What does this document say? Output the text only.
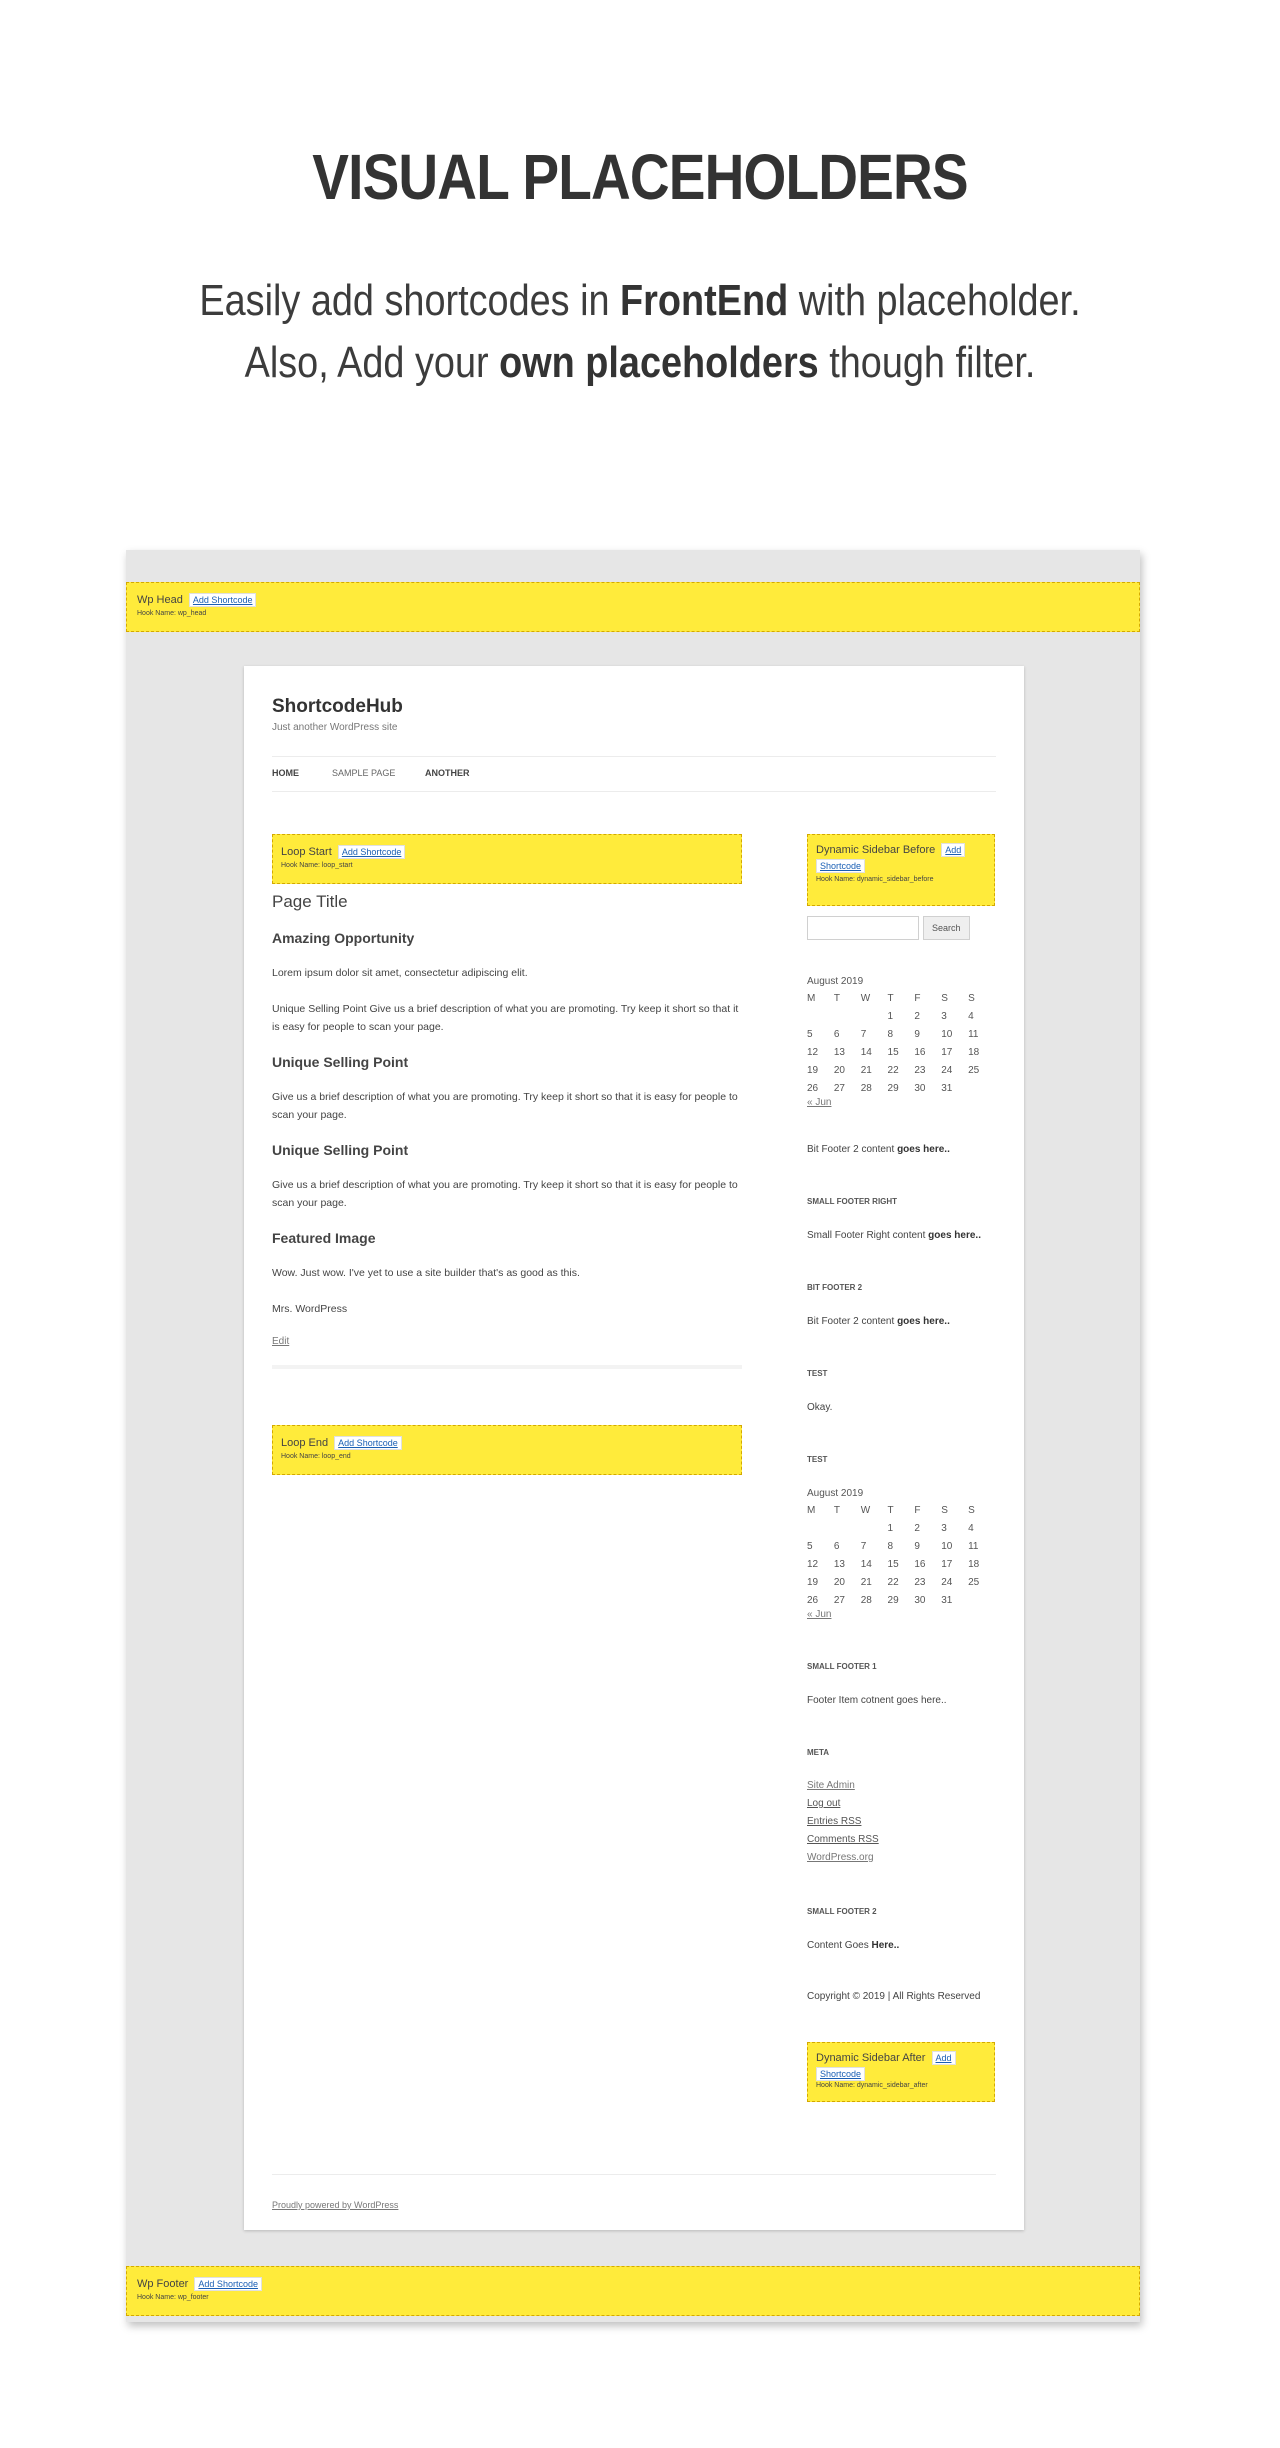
VISUAL PLACEHOLDERS
Easily add shortcodes in FrontEnd with placeholder.
Also, Add your own placeholders though filter.
Wp Head Add Shortcode
Hook Name: wp_head
ShortcodeHub
Just another WordPress site
HOME	SAMPLE PAGE	ANOTHER
Loop Start Add Shortcode
Hook Name: loop_start
Page Title
Amazing Opportunity
Lorem ipsum dolor sit amet, consectetur adipiscing elit.
Unique Selling Point Give us a brief description of what you are promoting. Try keep it short so that it is easy for people to scan your page.
Unique Selling Point
Give us a brief description of what you are promoting. Try keep it short so that it is easy for people to scan your page.
Unique Selling Point
Give us a brief description of what you are promoting. Try keep it short so that it is easy for people to scan your page.
Featured Image
Wow. Just wow. I've yet to use a site builder that's as good as this.
Mrs. WordPress
Edit
Loop End Add Shortcode
Hook Name: loop_end
Dynamic Sidebar Before Add Shortcode
Hook Name: dynamic_sidebar_before
Search
August 2019
M	T	W	T	F	S	S
			1	2	3	4
5	6	7	8	9	10	11
12	13	14	15	16	17	18
19	20	21	22	23	24	25
26	27	28	29	30	31	
« Jun
Bit Footer 2 content goes here..
SMALL FOOTER RIGHT
Small Footer Right content goes here..
BIT FOOTER 2
Bit Footer 2 content goes here..
TEST
Okay.
TEST
August 2019
M	T	W	T	F	S	S
			1	2	3	4
5	6	7	8	9	10	11
12	13	14	15	16	17	18
19	20	21	22	23	24	25
26	27	28	29	30	31	
« Jun
SMALL FOOTER 1
Footer Item cotnent goes here..
META
Site Admin
Log out
Entries RSS
Comments RSS
WordPress.org
SMALL FOOTER 2
Content Goes Here..
Copyright © 2019 | All Rights Reserved
Dynamic Sidebar After Add Shortcode
Hook Name: dynamic_sidebar_after
Proudly powered by WordPress
Wp Footer Add Shortcode
Hook Name: wp_footer
